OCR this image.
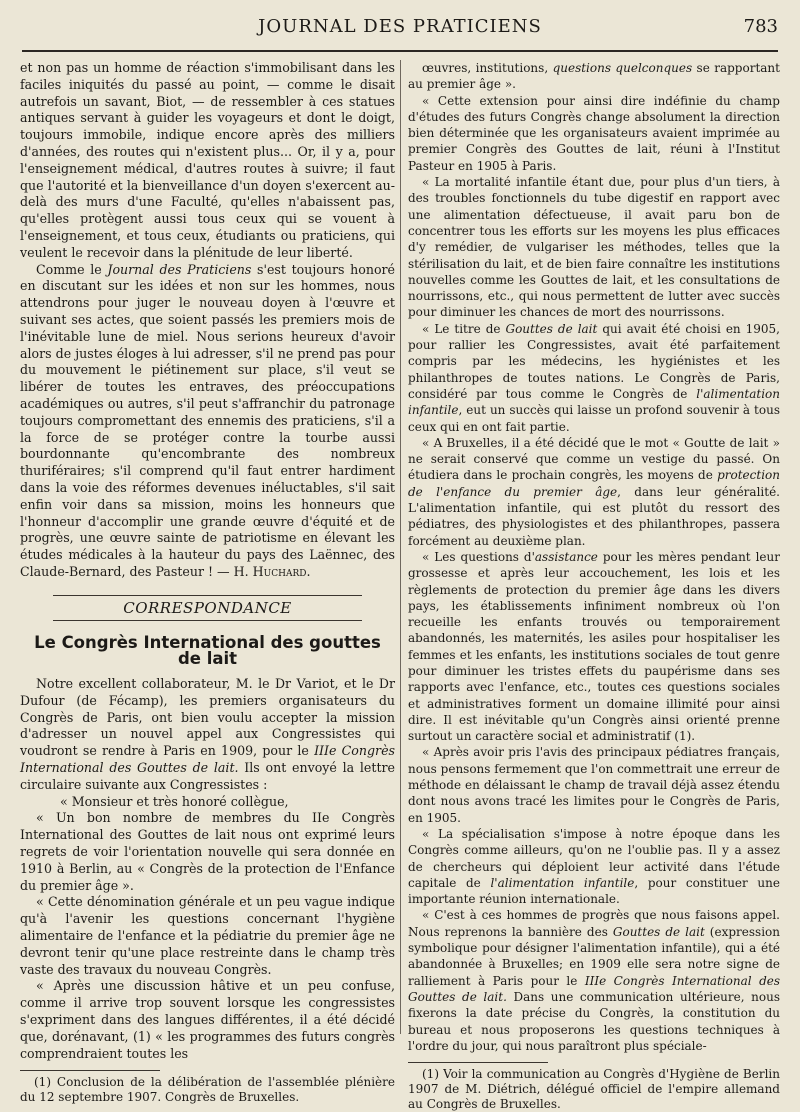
JOURNAL DES PRATICIENS	783

et non pas un homme de réaction s'immobilisant dans les faciles iniquités du passé au point, — comme le disait autrefois un savant, Biot, — de ressembler à ces statues antiques servant à guider les voyageurs et dont le doigt, toujours immobile, indique encore après des milliers d'années, des routes qui n'existent plus... Or, il y a, pour l'enseignement médical, d'autres routes à suivre; il faut que l'autorité et la bienveillance d'un doyen s'exercent au-delà des murs d'une Faculté, qu'elles n'abaissent pas, qu'elles protègent aussi tous ceux qui se vouent à l'enseignement, et tous ceux, étudiants ou praticiens, qui veulent le recevoir dans la plénitude de leur liberté.

Comme le Journal des Praticiens s'est toujours honoré en discutant sur les idées et non sur les hommes, nous attendrons pour juger le nouveau doyen à l'œuvre et suivant ses actes, que soient passés les premiers mois de l'inévitable lune de miel. Nous serions heureux d'avoir alors de justes éloges à lui adresser, s'il ne prend pas pour du mouvement le piétinement sur place, s'il veut se libérer de toutes les entraves, des préoccupations académiques ou autres, s'il peut s'affranchir du patronage toujours compromettant des ennemis des praticiens, s'il a la force de se protéger contre la tourbe aussi bourdonnante qu'encombrante des nombreux thuriféraires; s'il comprend qu'il faut entrer hardiment dans la voie des réformes devenues inéluctables, s'il sait enfin voir dans sa mission, moins les honneurs que l'honneur d'accomplir une grande œuvre d'équité et de progrès, une œuvre sainte de patriotisme en élevant les études médicales à la hauteur du pays des Laënnec, des Claude-Bernard, des Pasteur ! — H. Huchard.

CORRESPONDANCE
Le Congrès International des gouttes de lait

Notre excellent collaborateur, M. le Dr Variot, et le Dr Dufour (de Fécamp), les premiers organisateurs du Congrès de Paris, ont bien voulu accepter la mission d'adresser un nouvel appel aux Congressistes qui voudront se rendre à Paris en 1909, pour le IIIe Congrès International des Gouttes de lait. Ils ont envoyé la lettre circulaire suivante aux Congressistes :

« Monsieur et très honoré collègue,

« Un bon nombre de membres du IIe Congrès International des Gouttes de lait nous ont exprimé leurs regrets de voir l'orientation nouvelle qui sera donnée en 1910 à Berlin, au « Congrès de la protection de l'Enfance du premier âge ».

« Cette dénomination générale et un peu vague indique qu'à l'avenir les questions concernant l'hygiène alimentaire de l'enfance et la pédiatrie du premier âge ne devront tenir qu'une place restreinte dans le champ très vaste des travaux du nouveau Congrès.

« Après une discussion hâtive et un peu confuse, comme il arrive trop souvent lorsque les congressistes s'expriment dans des langues différentes, il a été décidé que, dorénavant, (1) « les programmes des futurs congrès comprendraient toutes les

(1) Conclusion de la délibération de l'assemblée plénière du 12 septembre 1907. Congrès de Bruxelles.

œuvres, institutions, questions quelconques se rapportant au premier âge ».

« Cette extension pour ainsi dire indéfinie du champ d'études des futurs Congrès change absolument la direction bien déterminée que les organisateurs avaient imprimée au premier Congrès des Gouttes de lait, réuni à l'Institut Pasteur en 1905 à Paris.

« La mortalité infantile étant due, pour plus d'un tiers, à des troubles fonctionnels du tube digestif en rapport avec une alimentation défectueuse, il avait paru bon de concentrer tous les efforts sur les moyens les plus efficaces d'y remédier, de vulgariser les méthodes, telles que la stérilisation du lait, et de bien faire connaître les institutions nouvelles comme les Gouttes de lait, et les consultations de nourrissons, etc., qui nous permettent de lutter avec succès pour diminuer les chances de mort des nourrissons.

« Le titre de Gouttes de lait qui avait été choisi en 1905, pour rallier les Congressistes, avait été parfaitement compris par les médecins, les hygiénistes et les philanthropes de toutes nations. Le Congrès de Paris, considéré par tous comme le Congrès de l'alimentation infantile, eut un succès qui laisse un profond souvenir à tous ceux qui en ont fait partie.

« A Bruxelles, il a été décidé que le mot « Goutte de lait » ne serait conservé que comme un vestige du passé. On étudiera dans le prochain congrès, les moyens de protection de l'enfance du premier âge, dans leur généralité. L'alimentation infantile, qui est plutôt du ressort des pédiatres, des physiologistes et des philanthropes, passera forcément au deuxième plan.

« Les questions d'assistance pour les mères pendant leur grossesse et après leur accouchement, les lois et les règlements de protection du premier âge dans les divers pays, les établissements infiniment nombreux où l'on recueille les enfants trouvés ou temporairement abandonnés, les maternités, les asiles pour hospitaliser les femmes et les enfants, les institutions sociales de tout genre pour diminuer les tristes effets du paupérisme dans ses rapports avec l'enfance, etc., toutes ces questions sociales et administratives forment un domaine illimité pour ainsi dire. Il est inévitable qu'un Congrès ainsi orienté prenne surtout un caractère social et administratif (1).

« Après avoir pris l'avis des principaux pédiatres français, nous pensons fermement que l'on commettrait une erreur de méthode en délaissant le champ de travail déjà assez étendu dont nous avons tracé les limites pour le Congrès de Paris, en 1905.

« La spécialisation s'impose à notre époque dans les Congrès comme ailleurs, qu'on ne l'oublie pas. Il y a assez de chercheurs qui déploient leur activité dans l'étude capitale de l'alimentation infantile, pour constituer une importante réunion internationale.

« C'est à ces hommes de progrès que nous faisons appel. Nous reprenons la bannière des Gouttes de lait (expression symbolique pour désigner l'alimentation infantile), qui a été abandonnée à Bruxelles; en 1909 elle sera notre signe de ralliement à Paris pour le IIIe Congrès International des Gouttes de lait. Dans une communication ultérieure, nous fixerons la date précise du Congrès, la constitution du bureau et nous proposerons les questions techniques à l'ordre du jour, qui nous paraîtront plus spéciale-

(1) Voir la communication au Congrès d'Hygiène de Berlin 1907 de M. Diétrich, délégué officiel de l'empire allemand au Congrès de Bruxelles.
